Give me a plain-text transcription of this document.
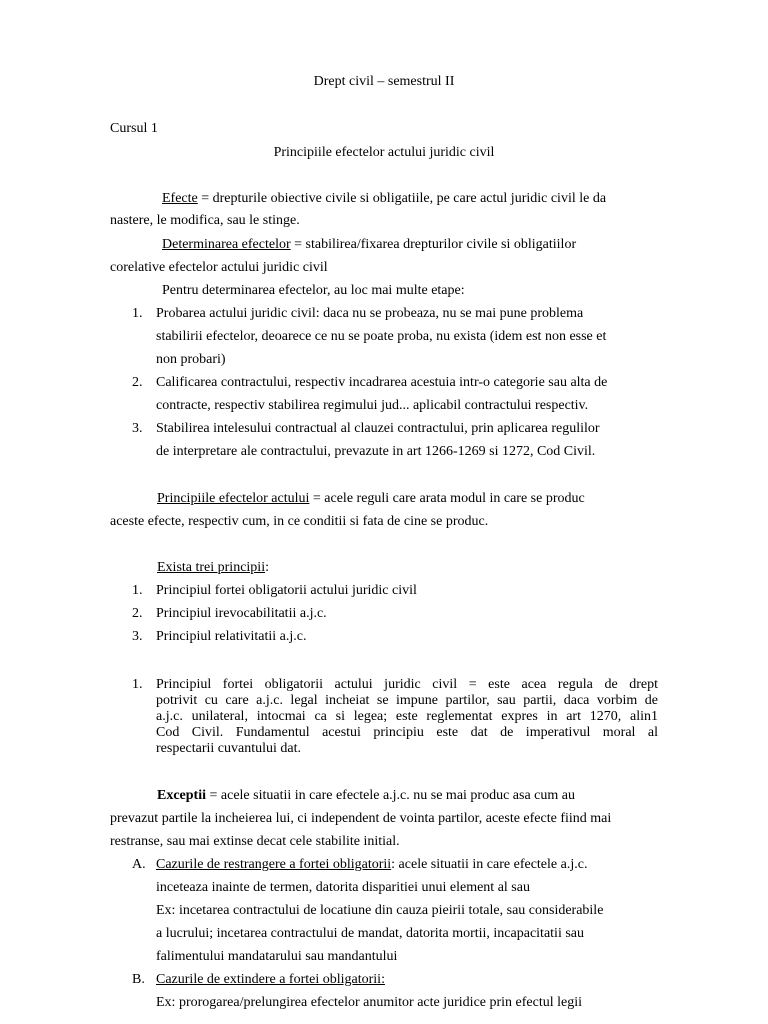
Drept civil – semestrul II
Cursul 1
Principiile efectelor actului juridic civil
Efecte = drepturile obiective civile si obligatiile, pe care actul juridic civil le da
nastere, le modifica, sau le stinge.
Determinarea efectelor = stabilirea/fixarea drepturilor civile si obligatiilor
corelative efectelor actului juridic civil
Pentru determinarea efectelor, au loc mai multe etape:
1. Probarea actului juridic civil: daca nu se probeaza, nu se mai pune problema
stabilirii efectelor, deoarece ce nu se poate proba, nu exista (idem est non esse et
non probari)
2. Calificarea contractului, respectiv incadrarea acestuia intr-o categorie sau alta de
contracte, respectiv stabilirea regimului jud... aplicabil contractului respectiv.
3. Stabilirea intelesului contractual al clauzei contractului, prin aplicarea regulilor
de interpretare ale contractului, prevazute in art 1266-1269 si 1272, Cod Civil.
Principiile efectelor actului = acele reguli care arata modul in care se produc
aceste efecte, respectiv cum, in ce conditii si fata de cine se produc.
Exista trei principii:
1. Principiul fortei obligatorii actului juridic civil
2. Principiul irevocabilitatii a.j.c.
3. Principiul relativitatii a.j.c.
1. Principiul fortei obligatorii actului juridic civil = este acea regula de drept
potrivit cu care a.j.c. legal incheiat se impune partilor, sau partii, daca vorbim de
a.j.c. unilateral, intocmai ca si legea; este reglementat expres in art 1270, alin1
Cod Civil. Fundamentul acestui principiu este dat de imperativul moral al
respectarii cuvantului dat.
Exceptii = acele situatii in care efectele a.j.c. nu se mai produc asa cum au
prevazut partile la incheierea lui, ci independent de vointa partilor, aceste efecte fiind mai
restranse, sau mai extinse decat cele stabilite initial.
A. Cazurile de restrangere a fortei obligatorii: acele situatii in care efectele a.j.c.
inceteaza inainte de termen, datorita disparitiei unui element al sau
Ex: incetarea contractului de locatiune din cauza pieirii totale, sau considerabile
a lucrului; incetarea contractului de mandat, datorita mortii, incapacitatii sau
falimentului mandatarului sau mandantului
B. Cazurile de extindere a fortei obligatorii:
Ex: prorogarea/prelungirea efectelor anumitor acte juridice prin efectul legii
